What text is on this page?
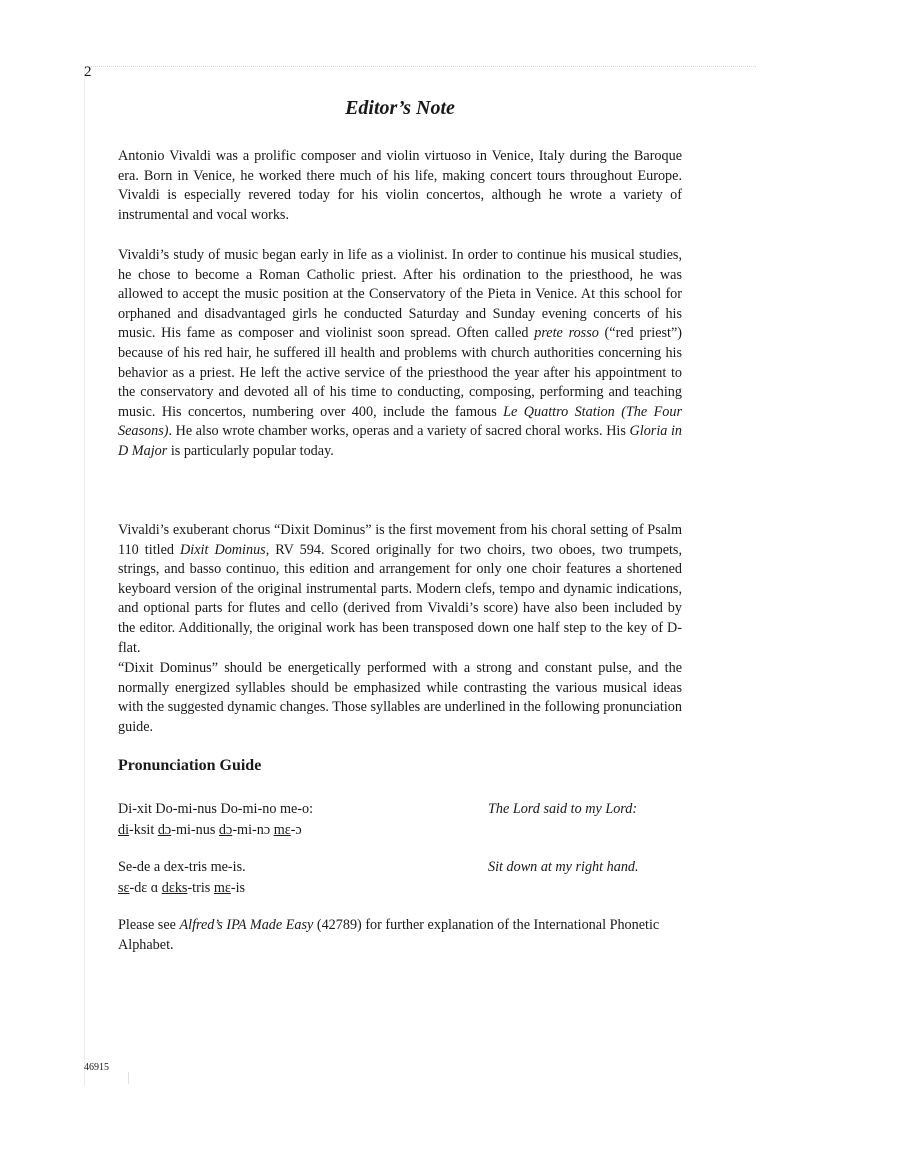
2
Editor’s Note

Antonio Vivaldi was a prolific composer and violin virtuoso in Venice, Italy during the Baroque era. Born in Venice, he worked there much of his life, making concert tours throughout Europe. Vivaldi is especially revered today for his violin concertos, although he wrote a variety of instrumental and vocal works.

Vivaldi’s study of music began early in life as a violinist. In order to continue his musical studies, he chose to become a Roman Catholic priest. After his ordination to the priesthood, he was allowed to accept the music position at the Conservatory of the Pieta in Venice. At this school for orphaned and disadvantaged girls he conducted Saturday and Sunday evening concerts of his music. His fame as composer and violinist soon spread. Often called prete rosso (“red priest”) because of his red hair, he suffered ill health and problems with church authorities concerning his behavior as a priest. He left the active service of the priesthood the year after his appointment to the conservatory and devoted all of his time to conducting, composing, performing and teaching music. His concertos, numbering over 400, include the famous Le Quattro Station (The Four Seasons). He also wrote chamber works, operas and a variety of sacred choral works. His Gloria in D Major is particularly popular today.

Vivaldi’s exuberant chorus “Dixit Dominus” is the first movement from his choral setting of Psalm 110 titled Dixit Dominus, RV 594. Scored originally for two choirs, two oboes, two trumpets, strings, and basso continuo, this edition and arrangement for only one choir features a shortened keyboard version of the original instrumental parts. Modern clefs, tempo and dynamic indications, and optional parts for flutes and cello (derived from Vivaldi’s score) have also been included by the editor. Additionally, the original work has been transposed down one half step to the key of D-flat.

“Dixit Dominus” should be energetically performed with a strong and constant pulse, and the normally energized syllables should be emphasized while contrasting the various musical ideas with the suggested dynamic changes. Those syllables are underlined in the following pronunciation guide.

Pronunciation Guide
Di-xit Do-mi-nus Do-mi-no me-o:
di-ksit dɔ-mi-nus dɔ-mi-nɔ mɛ-ɔ
The Lord said to my Lord:
Se-de a dex-tris me-is.
sɛ-dɛ ɑ dɛks-tris mɛ-is
Sit down at my right hand.

Please see Alfred’s IPA Made Easy (42789) for further explanation of the International Phonetic Alphabet.

46915
